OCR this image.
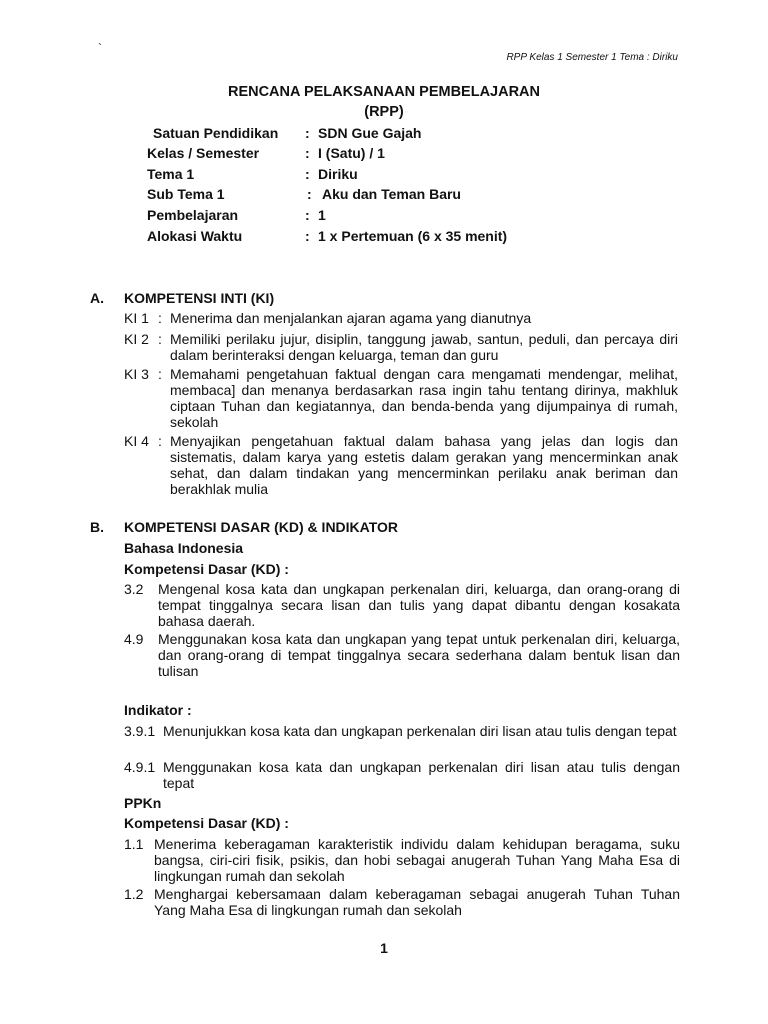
`
RPP Kelas 1 Semester 1 Tema : Diriku
RENCANA PELAKSANAAN PEMBELAJARAN
(RPP)
Satuan Pendidikan : SDN Gue Gajah
Kelas / Semester	: I (Satu) / 1
Tema 1	: Diriku
Sub Tema 1	: Aku dan Teman Baru
Pembelajaran	: 1
Alokasi Waktu	: 1 x Pertemuan (6 x 35 menit)
A. KOMPETENSI INTI (KI)
KI 1 : Menerima dan menjalankan ajaran agama yang dianutnya
KI 2 : Memiliki perilaku jujur, disiplin, tanggung jawab, santun, peduli, dan percaya diri dalam berinteraksi dengan keluarga, teman dan guru
KI 3 : Memahami pengetahuan faktual dengan cara mengamati mendengar, melihat, membaca] dan menanya berdasarkan rasa ingin tahu tentang dirinya, makhluk ciptaan Tuhan dan kegiatannya, dan benda-benda yang dijumpainya di rumah, sekolah
KI 4 : Menyajikan pengetahuan faktual dalam bahasa yang jelas dan logis dan sistematis, dalam karya yang estetis dalam gerakan yang mencerminkan anak sehat, dan dalam tindakan yang mencerminkan perilaku anak beriman dan berakhlak mulia
B. KOMPETENSI DASAR (KD) & INDIKATOR
Bahasa Indonesia
Kompetensi Dasar (KD) :
3.2 Mengenal kosa kata dan ungkapan perkenalan diri, keluarga, dan orang-orang di tempat tinggalnya secara lisan dan tulis yang dapat dibantu dengan kosakata bahasa daerah.
4.9 Menggunakan kosa kata dan ungkapan yang tepat untuk perkenalan diri, keluarga, dan orang-orang di tempat tinggalnya secara sederhana dalam bentuk lisan dan tulisan
Indikator :
3.9.1 Menunjukkan kosa kata dan ungkapan perkenalan diri lisan atau tulis dengan tepat
4.9.1 Menggunakan kosa kata dan ungkapan perkenalan diri lisan atau tulis dengan tepat
PPKn
Kompetensi Dasar (KD) :
1.1 Menerima keberagaman karakteristik individu dalam kehidupan beragama, suku bangsa, ciri-ciri fisik, psikis, dan hobi sebagai anugerah Tuhan Yang Maha Esa di lingkungan rumah dan sekolah
1.2 Menghargai kebersamaan dalam keberagaman sebagai anugerah Tuhan Tuhan Yang Maha Esa di lingkungan rumah dan sekolah
1
